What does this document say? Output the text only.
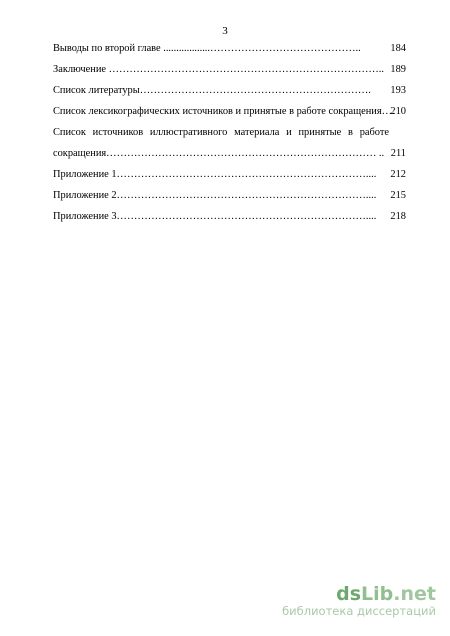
3
Выводы по второй главе ..................……………………………………..	184
Заключение …………………………………………………………………….. 189
Список литературы…………………………………………………………. 193
Список лексикографических источников и принятые в работе сокращения….
210
Список источников иллюстративного материала и принятые в работе
сокращения…………………………………………………………………… .. 211
Приложение 1……………………………………………………………….... 212
Приложение 2……………………………………………………………….... 215
Приложение 3……………………………………………………………….... 218
dsLib.net
библиотека диссертаций
